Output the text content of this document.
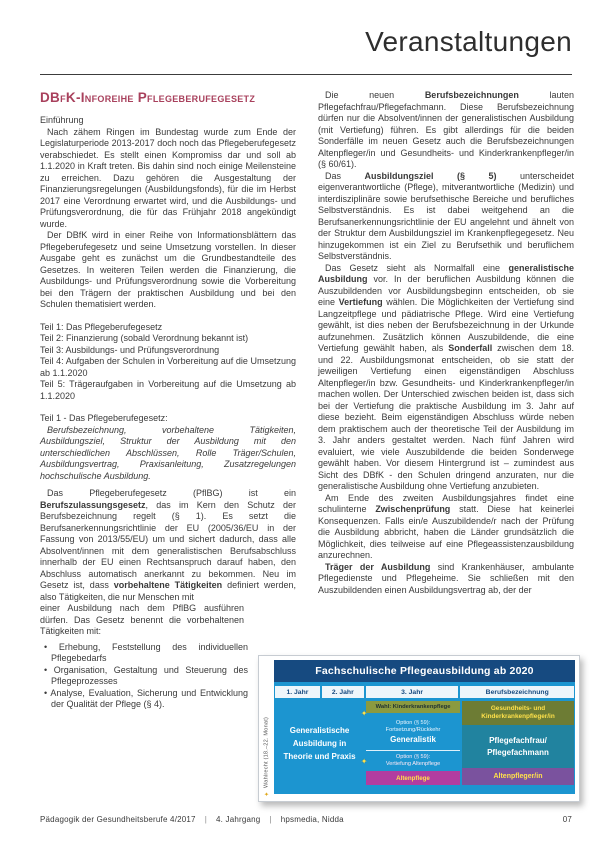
Veranstaltungen
DBfK-Inforeihe Pflegeberufegesetz

Einführung

Nach zähem Ringen im Bundestag wurde zum Ende der Legislaturperiode 2013-2017 doch noch das Pflegeberufegesetz verabschiedet. Es stellt einen Kompromiss dar und soll ab 1.1.2020 in Kraft treten. Bis dahin sind noch einige Meilensteine zu erreichen. Dazu gehören die Ausgestaltung der Finanzierungsregelungen (Ausbildungsfonds), für die im Herbst 2017 eine Verordnung erwartet wird, und die Ausbildungs- und Prüfungsverordnung, die für das Frühjahr 2018 angekündigt wurde.

Der DBfK wird in einer Reihe von Informationsblättern das Pflegeberufegesetz und seine Umsetzung vorstellen. In dieser Ausgabe geht es zunächst um die Grundbestandteile des Gesetzes. In weiteren Teilen werden die Finanzierung, die Ausbildungs- und Prüfungsverordnung sowie die Vorbereitung bei den Trägern der praktischen Ausbildung und bei den Schulen thematisiert werden.

Teil 1: Das Pflegeberufegesetz

Teil 2: Finanzierung (sobald Verordnung bekannt ist)

Teil 3: Ausbildungs- und Prüfungsverordnung

Teil 4: Aufgaben der Schulen in Vorbereitung auf die Umsetzung ab 1.1.2020

Teil 5: Trägeraufgaben in Vorbereitung auf die Umsetzung ab 1.1.2020

Teil 1 - Das Pflegeberufegesetz:

Berufsbezeichnung, vorbehaltene Tätigkeiten, Ausbildungsziel, Struktur der Ausbildung mit den unterschiedlichen Abschlüssen, Rolle Träger/Schulen, Ausbildungsvertrag, Praxisanleitung, Zusatzregelungen hochschulische Ausbildung.

Das Pflegeberufegesetz (PflBG) ist ein Berufszulassungsgesetz, das im Kern den Schutz der Berufsbezeichnung regelt (§ 1). Es setzt die Berufsanerkennungsrichtlinie der EU (2005/36/EU in der Fassung von 2013/55/EU) um und sichert dadurch, dass alle Absolvent/innen mit dem generalistischen Berufsabschluss innerhalb der EU einen Rechtsanspruch darauf haben, den Abschluss automatisch anerkannt zu bekommen. Neu im Gesetz ist, dass vorbehaltene Tätigkeiten definiert werden, also Tätigkeiten, die nur Menschen mit

einer Ausbildung nach dem PflBG ausführen dürfen. Das Gesetz benennt die vorbehaltenen Tätigkeiten mit:

• Erhebung, Feststellung des individuellen Pflegebedarfs
• Organisation, Gestaltung und Steuerung des Pflegeprozesses
• Analyse, Evaluation, Sicherung und Entwicklung der Qualität der Pflege (§ 4).

Die neuen Berufsbezeichnungen lauten Pflegefachfrau/Pflegefachmann. Diese Berufsbezeichnung dürfen nur die Absolvent/innen der generalistischen Ausbildung (mit Vertiefung) führen. Es gibt allerdings für die beiden Sonderfälle im neuen Gesetz auch die Berufsbezeichnungen Altenpfleger/in und Gesundheits- und Kinderkrankenpfleger/in (§ 60/61).

Das Ausbildungsziel (§ 5) unterscheidet eigenverantwortliche (Pflege), mitverantwortliche (Medizin) und interdisziplinäre sowie berufsethische Bereiche und berufliches Selbstverständnis. Es ist dabei weitgehend an die Berufsanerkennungsrichtlinie der EU angelehnt und ähnelt von der Struktur dem Ausbildungsziel im Krankenpflegegesetz. Neu hinzugekommen ist ein Ziel zu Berufsethik und beruflichem Selbstverständnis.

Das Gesetz sieht als Normalfall eine generalistische Ausbildung vor. In der beruflichen Ausbildung können die Auszubildenden vor Ausbildungsbeginn entscheiden, ob sie eine Vertiefung wählen. Die Möglichkeiten der Vertiefung sind Langzeitpflege und pädiatrische Pflege. Wird eine Vertiefung gewählt, ist dies neben der Berufsbezeichnung in der Urkunde aufzunehmen. Zusätzlich können Auszubildende, die eine Vertiefung gewählt haben, als Sonderfall zwischen dem 18. und 22. Ausbildungsmonat entscheiden, ob sie statt der jeweiligen Vertiefung einen eigenständigen Abschluss Altenpfleger/in bzw. Gesundheits- und Kinderkrankenpfleger/in machen wollen. Der Unterschied zwischen beiden ist, dass sich bei der Vertiefung die praktische Ausbildung im 3. Jahr auf diese bezieht. Beim eigenständigen Abschluss würde neben dem praktischem auch der theoretische Teil der Ausbildung im 3. Jahr anders gestaltet werden. Nach fünf Jahren wird evaluiert, wie viele Auszubildende die beiden Sonderwege gewählt haben. Vor diesem Hintergrund ist – zumindest aus Sicht des DBfK - den Schulen dringend anzuraten, nur die generalistische Ausbildung ohne Vertiefung anzubieten.

Am Ende des zweiten Ausbildungsjahres findet eine schulinterne Zwischenprüfung statt. Diese hat keinerlei Konsequenzen. Falls ein/e Auszubildende/r nach der Prüfung die Ausbildung abbricht, haben die Länder grundsätzlich die Möglichkeit, dies teilweise auf eine Pflegeassistenzausbildung anzurechnen.

Träger der Ausbildung sind Krankenhäuser, ambulante Pflegedienste und Pflegeheime. Sie schließen mit den Auszubildenden einen Ausbildungsvertrag ab, der der

✦
Wahlrecht (18.–22. Monat)
Fachschulische Pflegeausbildung ab 2020
1. Jahr	2. Jahr	3. Jahr	Berufsbezeichnung
Generalistische Ausbildung in Theorie und Praxis
Wahl: Kinderkrankenpflege
Option (§ 59):
Fortsetzung/Rückkehr
Generalistik
Option (§ 59):
Vertiefung Altenpflege
Altenpflege
Gesundheits- und Kinderkrankenpfleger/in
Pflegefachfrau/
Pflegefachmann
Altenpfleger/in
✦
✦
Pädagogik der Gesundheitsberufe 4/2017 | 4. Jahrgang | hpsmedia, Nidda	07
